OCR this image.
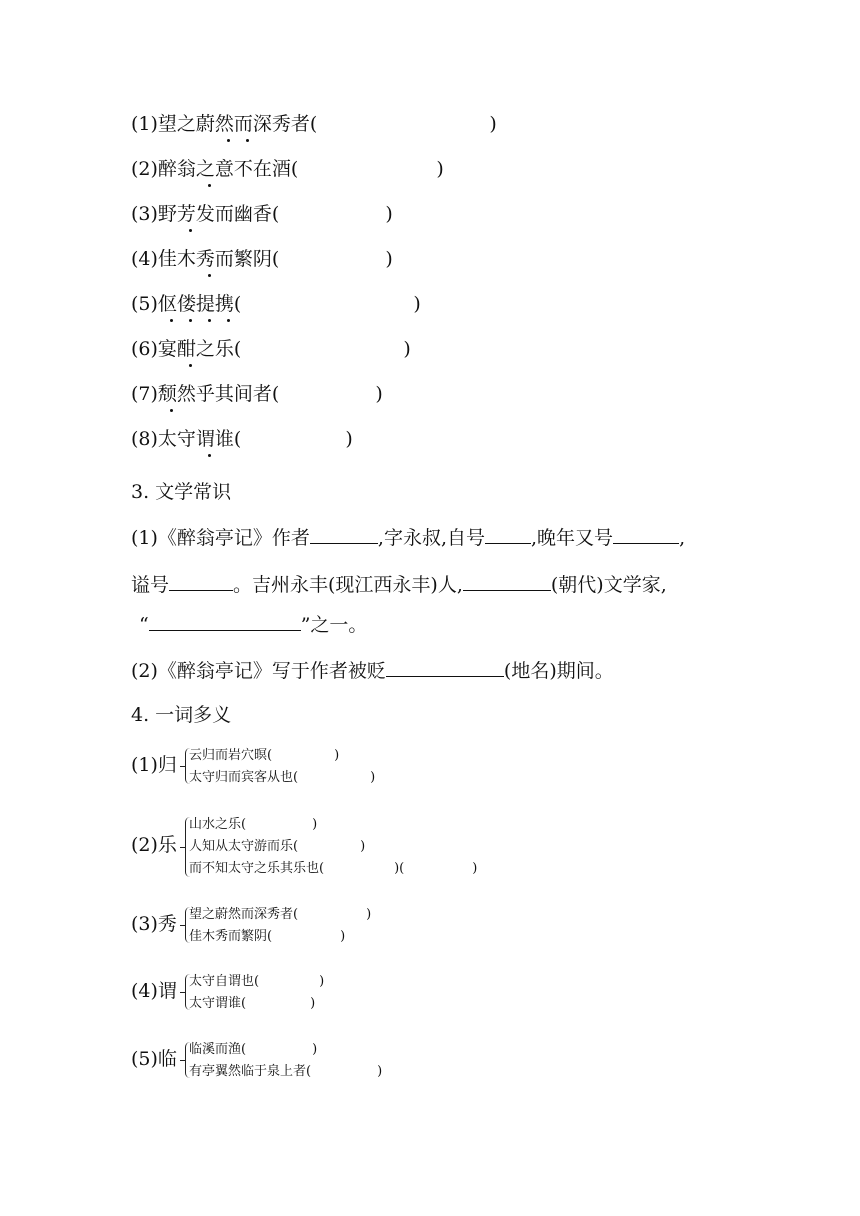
(1)望之蔚然而深秀者(	)
(2)醉翁之意不在酒(	)
(3)野芳发而幽香(	)
(4)佳木秀而繁阴(	)
(5)伛偻提携(	)
(6)宴酣之乐(	)
(7)颓然乎其间者(	)
(8)太守谓谁(	)
3. 文学常识
(1)《醉翁亭记》作者	,字永叔,自号 ,晚年又号	,
谥号	。吉州永丰(现江西永丰)人,	(朝代)文学家,
“	”之一。
(2)《醉翁亭记》写于作者被贬	(地名)期间。
4. 一词多义
(1)归 云归而岩穴暝(	)
太守归而宾客从也(	)
(2)乐
山水之乐(	)
人知从太守游而乐(	)
而不知太守之乐其乐也(	)(	)
(3)秀 望之蔚然而深秀者(	)
佳木秀而繁阴(	)
(4)谓 太守自谓也(	)
太守谓谁(	)
(5)临 临溪而渔(	)
有亭翼然临于泉上者(	)
